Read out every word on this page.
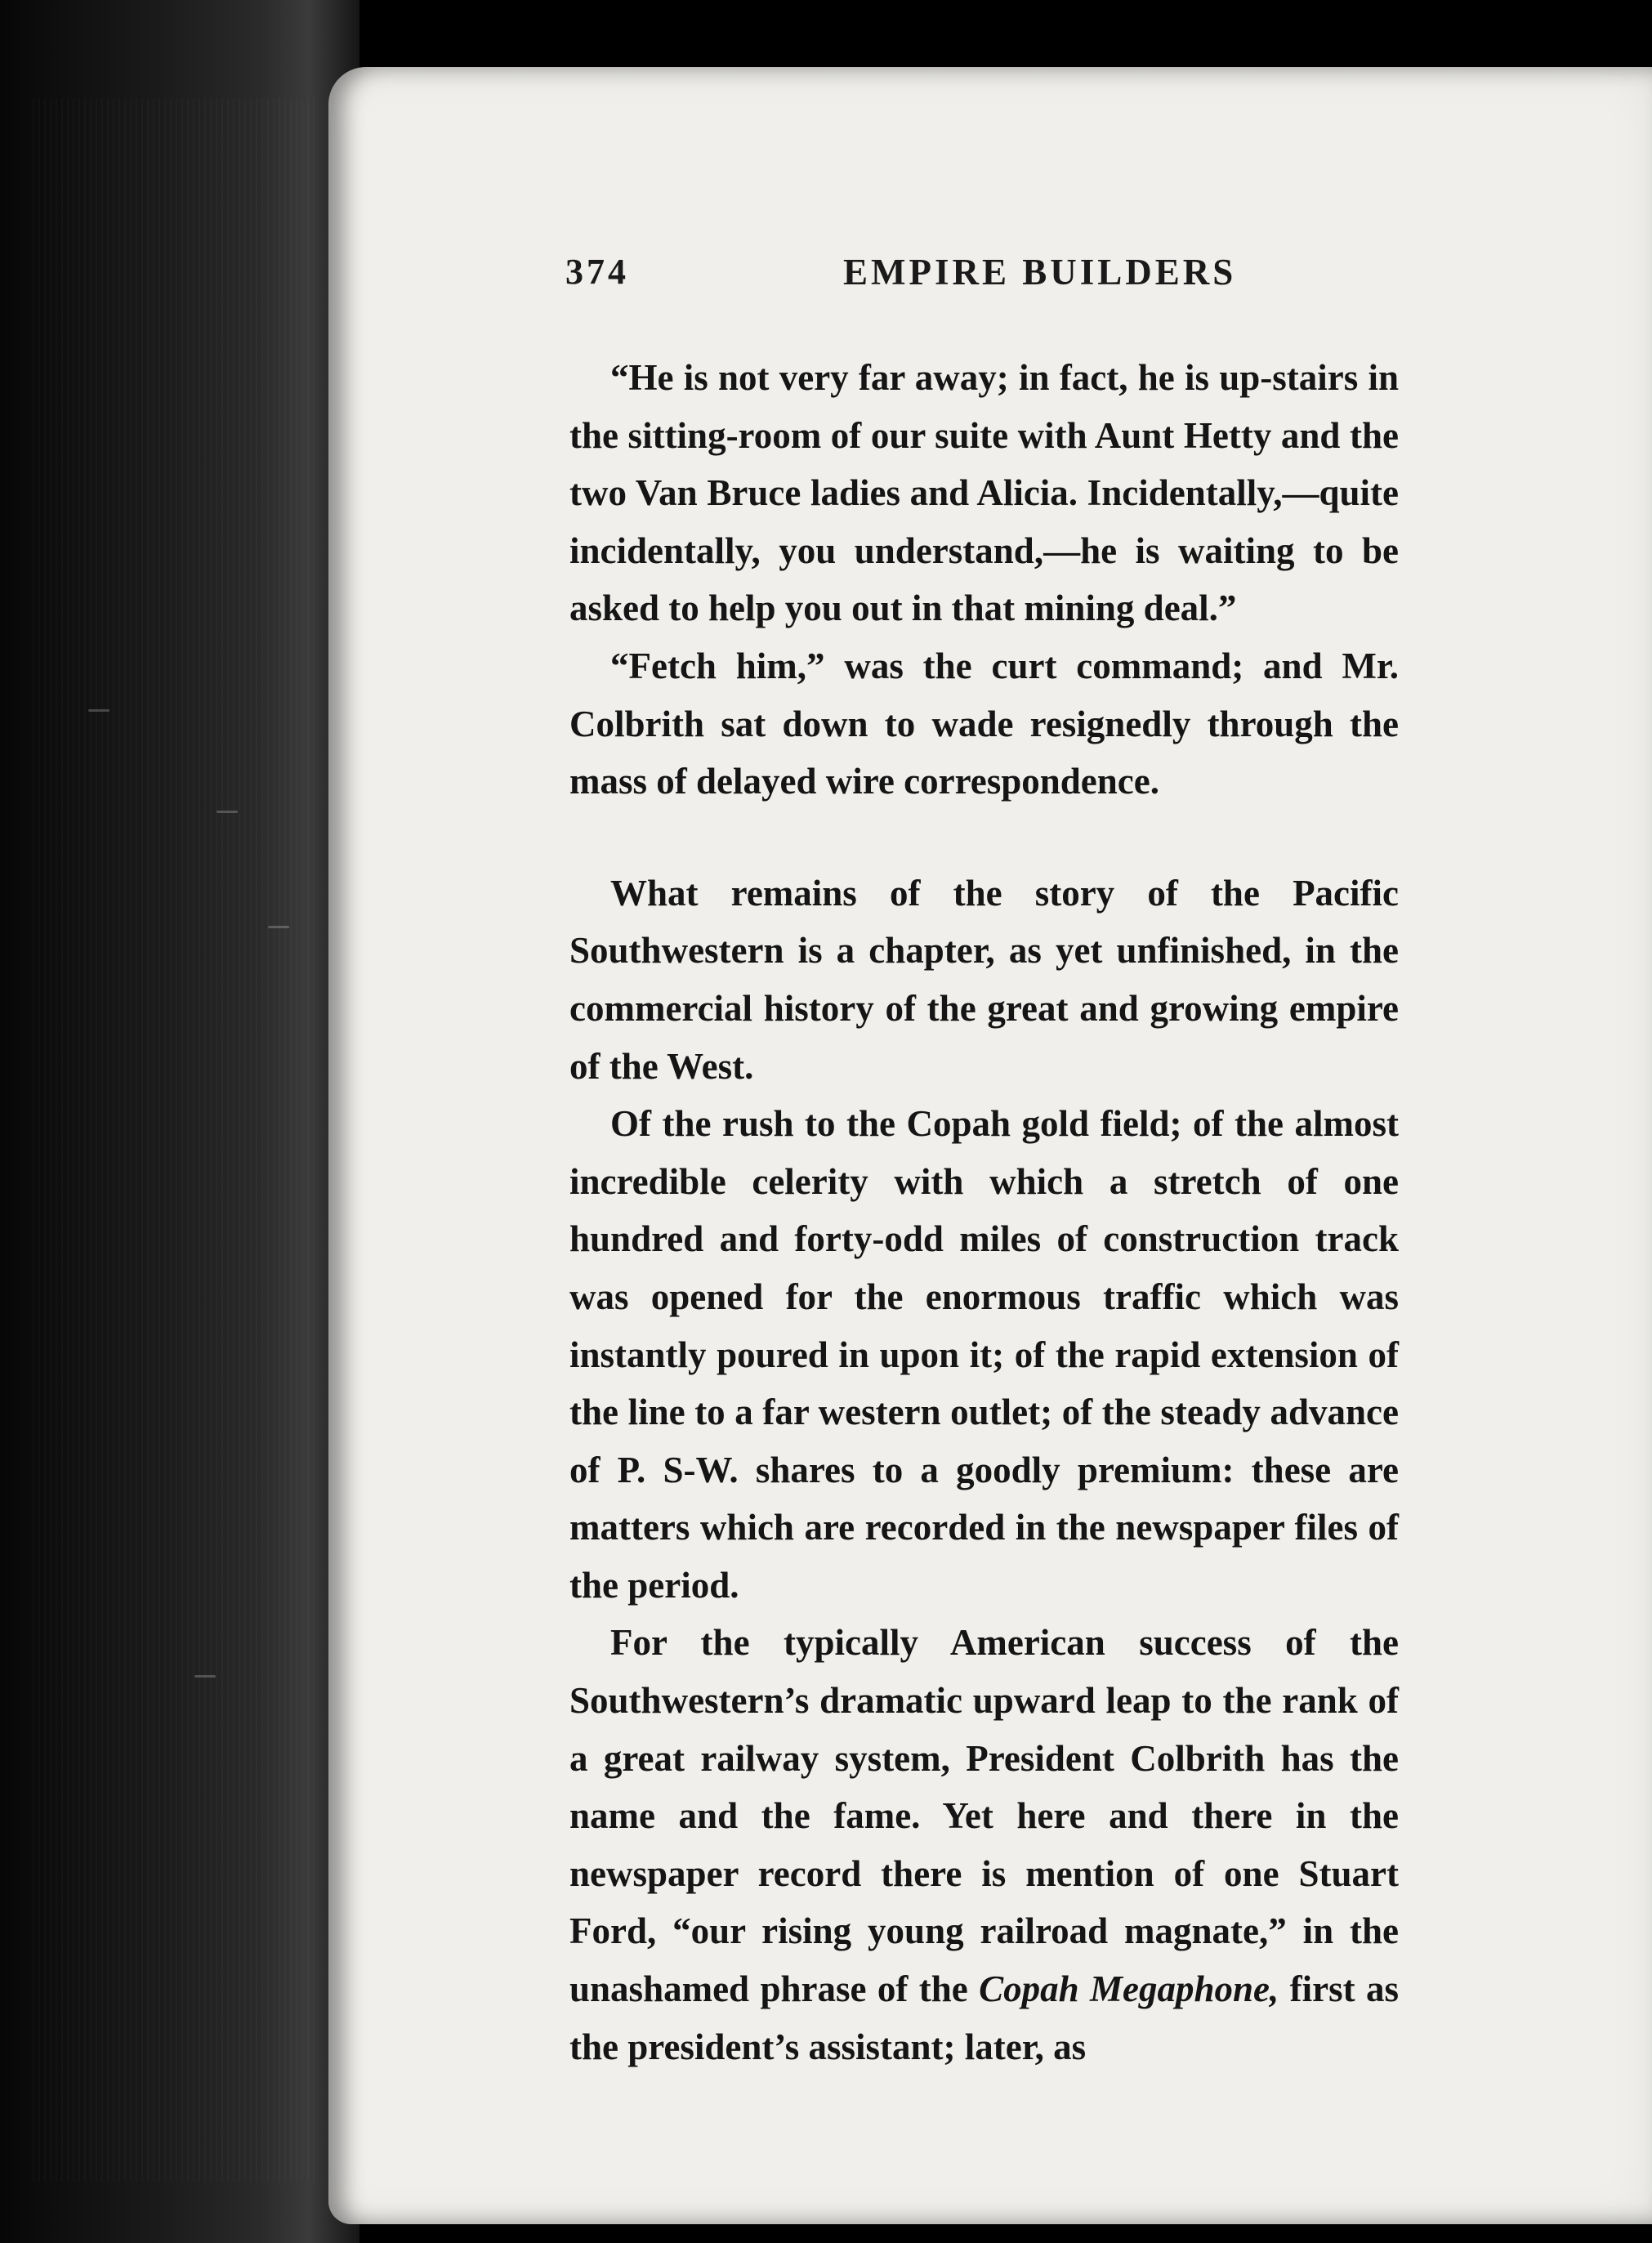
374	EMPIRE BUILDERS

“He is not very far away; in fact, he is up-stairs in the sitting-room of our suite with Aunt Hetty and the two Van Bruce ladies and Alicia. Incidentally,—quite incidentally, you understand,—he is waiting to be asked to help you out in that mining deal.”

“Fetch him,” was the curt command; and Mr. Colbrith sat down to wade resignedly through the mass of delayed wire correspondence.

What remains of the story of the Pacific Southwestern is a chapter, as yet unfinished, in the commercial history of the great and growing empire of the West.

Of the rush to the Copah gold field; of the almost incredible celerity with which a stretch of one hundred and forty-odd miles of construction track was opened for the enormous traffic which was instantly poured in upon it; of the rapid extension of the line to a far western outlet; of the steady advance of P. S-W. shares to a goodly premium: these are matters which are recorded in the newspaper files of the period.

For the typically American success of the Southwestern’s dramatic upward leap to the rank of a great railway system, President Colbrith has the name and the fame. Yet here and there in the newspaper record there is mention of one Stuart Ford, “our rising young railroad magnate,” in the unashamed phrase of the Copah Megaphone, first as the president’s assistant; later, as
